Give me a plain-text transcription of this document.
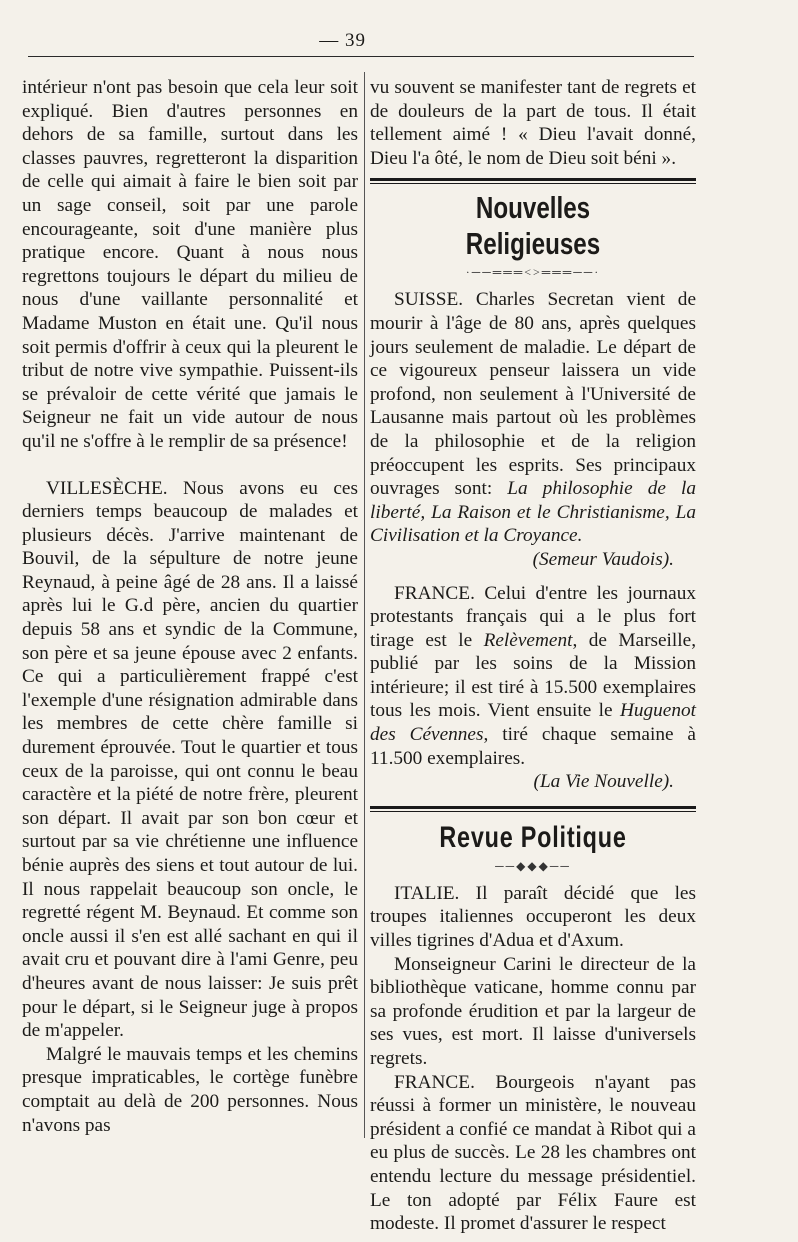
— 39

intérieur n'ont pas besoin que cela leur soit expliqué. Bien d'autres personnes en dehors de sa famille, surtout dans les classes pauvres, regretteront la disparition de celle qui aimait à faire le bien soit par un sage conseil, soit par une parole encourageante, soit d'une manière plus pratique encore. Quant à nous nous regrettons toujours le départ du milieu de nous d'une vaillante personnalité et Madame Muston en était une. Qu'il nous soit permis d'offrir à ceux qui la pleurent le tribut de notre vive sympathie. Puissent-ils se prévaloir de cette vérité que jamais le Seigneur ne fait un vide autour de nous qu'il ne s'offre à le remplir de sa présence!

VILLESÈCHE. Nous avons eu ces derniers temps beaucoup de malades et plusieurs décès. J'arrive maintenant de Bouvil, de la sépulture de notre jeune Reynaud, à peine âgé de 28 ans. Il a laissé après lui le G.d père, ancien du quartier depuis 58 ans et syndic de la Commune, son père et sa jeune épouse avec 2 enfants. Ce qui a particulièrement frappé c'est l'exemple d'une résignation admirable dans les membres de cette chère famille si durement éprouvée. Tout le quartier et tous ceux de la paroisse, qui ont connu le beau caractère et la piété de notre frère, pleurent son départ. Il avait par son bon cœur et surtout par sa vie chrétienne une influence bénie auprès des siens et tout autour de lui. Il nous rappelait beaucoup son oncle, le regretté régent M. Beynaud. Et comme son oncle aussi il s'en est allé sachant en qui il avait cru et pouvant dire à l'ami Genre, peu d'heures avant de nous laisser: Je suis prêt pour le départ, si le Seigneur juge à propos de m'appeler.

Malgré le mauvais temps et les chemins presque impraticables, le cortège funèbre comptait au delà de 200 personnes. Nous n'avons pas

vu souvent se manifester tant de regrets et de douleurs de la part de tous. Il était tellement aimé ! « Dieu l'avait donné, Dieu l'a ôté, le nom de Dieu soit béni ».

Nouvelles Religieuses
·──═══<>═══──·

SUISSE. Charles Secretan vient de mourir à l'âge de 80 ans, après quelques jours seulement de maladie. Le départ de ce vigoureux penseur laissera un vide profond, non seulement à l'Université de Lausanne mais partout où les problèmes de la philosophie et de la religion préoccupent les esprits. Ses principaux ouvrages sont: La philosophie de la liberté, La Raison et le Christianisme, La Civilisation et la Croyance.

(Semeur Vaudois).

FRANCE. Celui d'entre les journaux protestants français qui a le plus fort tirage est le Relèvement, de Marseille, publié par les soins de la Mission intérieure; il est tiré à 15.500 exemplaires tous les mois. Vient ensuite le Huguenot des Cévennes, tiré chaque semaine à 11.500 exemplaires.

(La Vie Nouvelle).

Revue Politique
──◆◆◆──

ITALIE. Il paraît décidé que les troupes italiennes occuperont les deux villes tigrines d'Adua et d'Axum.

Monseigneur Carini le directeur de la bibliothèque vaticane, homme connu par sa profonde érudition et par la largeur de ses vues, est mort. Il laisse d'universels regrets.

FRANCE. Bourgeois n'ayant pas réussi à former un ministère, le nouveau président a confié ce mandat à Ribot qui a eu plus de succès. Le 28 les chambres ont entendu lecture du message présidentiel. Le ton adopté par Félix Faure est modeste. Il promet d'assurer le respect
